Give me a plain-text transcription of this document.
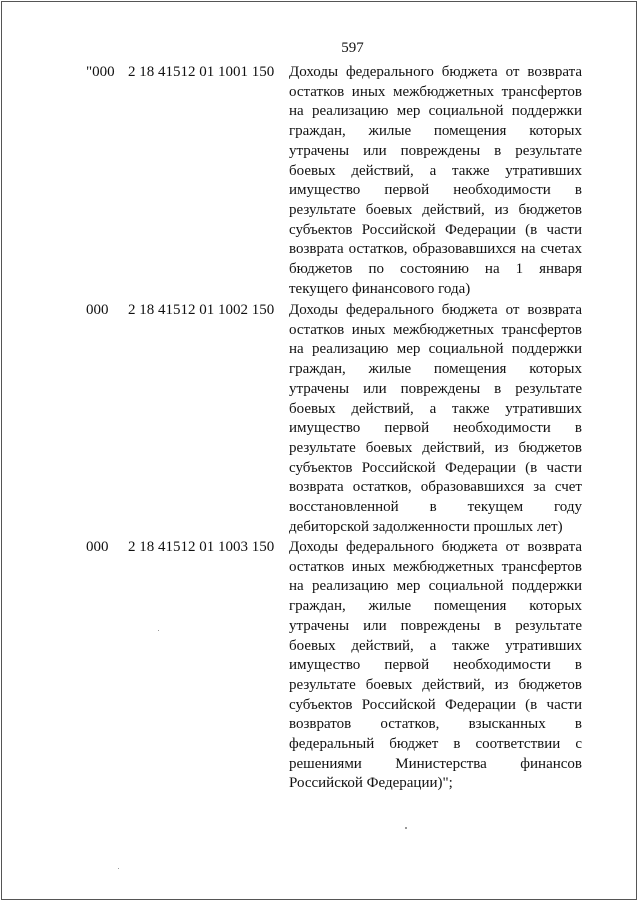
597
"000 2 18 41512 01 1001 150 Доходы федерального бюджета от возврата остатков иных межбюджетных трансфертов на реализацию мер социальной поддержки граждан, жилые помещения которых утрачены или повреждены в результате боевых действий, а также утративших имущество первой необходимости в результате боевых действий, из бюджетов субъектов Российской Федерации (в части возврата остатков, образовавшихся на счетах бюджетов по состоянию на 1 января текущего финансового года)
000 2 18 41512 01 1002 150 Доходы федерального бюджета от возврата остатков иных межбюджетных трансфертов на реализацию мер социальной поддержки граждан, жилые помещения которых утрачены или повреждены в результате боевых действий, а также утративших имущество первой необходимости в результате боевых действий, из бюджетов субъектов Российской Федерации (в части возврата остатков, образовавшихся за счет восстановленной в текущем году дебиторской задолженности прошлых лет)
000 2 18 41512 01 1003 150 Доходы федерального бюджета от возврата остатков иных межбюджетных трансфертов на реализацию мер социальной поддержки граждан, жилые помещения которых утрачены или повреждены в результате боевых действий, а также утративших имущество первой необходимости в результате боевых действий, из бюджетов субъектов Российской Федерации (в части возвратов остатков, взысканных в федеральный бюджет в соответствии с решениями Министерства финансов Российской Федерации)";
